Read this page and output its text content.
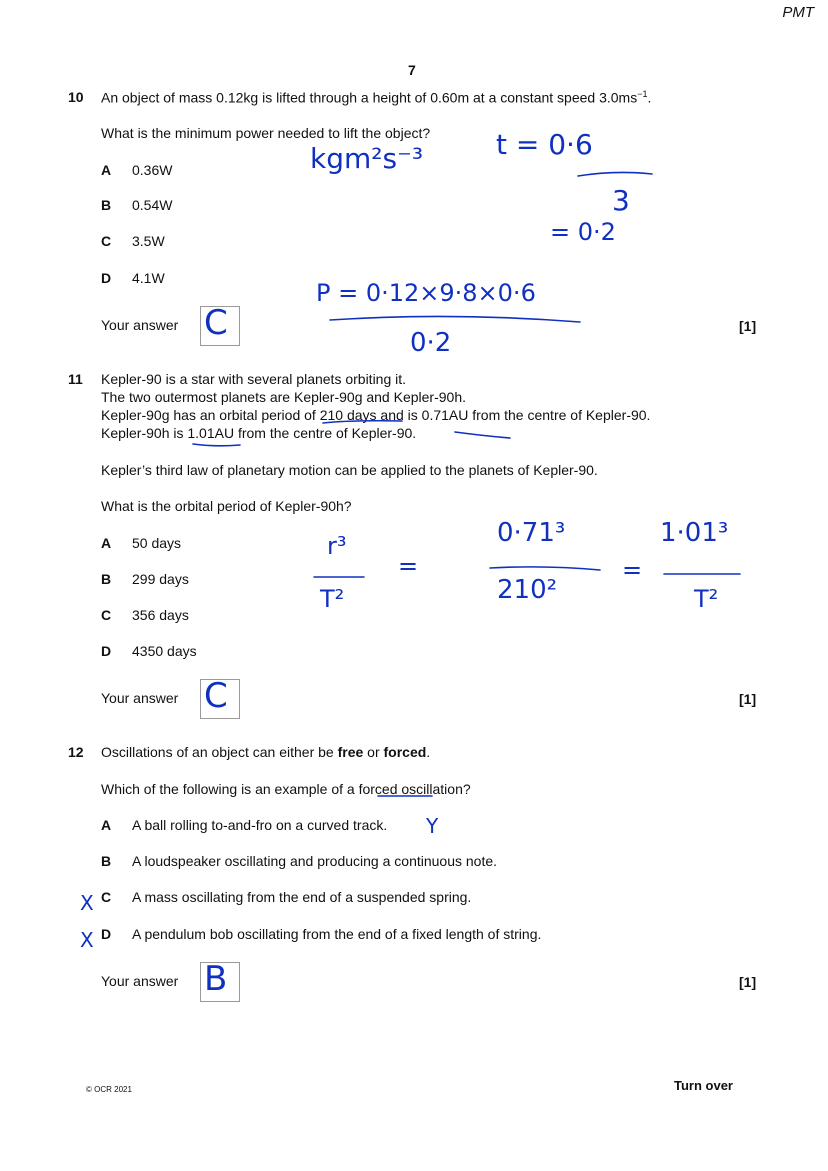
PMT
7
10 An object of mass 0.12kg is lifted through a height of 0.60m at a constant speed $3.0ms^{-1}$.
What is the minimum power needed to lift the object?
A 0.36W
B 0.54W
C 3.5W
D 4.1W
Your answer C	[1]
11 Kepler-90 is a star with several planets orbiting it.
The two outermost planets are Kepler-90g and Kepler-90h.
Kepler-90g has an orbital period of 210 days and is 0.71AU from the centre of Kepler-90.
Kepler-90h is 1.01AU from the centre of Kepler-90.
Kepler’s third law of planetary motion can be applied to the planets of Kepler-90.
What is the orbital period of Kepler-90h?
A 50 days
B 299 days
C 356 days
D 4350 days
Your answer C	[1]
12 Oscillations of an object can either be free or forced.
Which of the following is an example of a forced oscillation?
A A ball rolling to-and-fro on a curved track.
B A loudspeaker oscillating and producing a continuous note.
C A mass oscillating from the end of a suspended spring.
D A pendulum bob oscillating from the end of a fixed length of string.
Your answer B	[1]
kgm²s⁻³	t = 0·6
3
= 0·2
P = 0·12×9·8×0·6
0·2
r³
T²
=
0·71³
210²
=
1·01³
T²
Y
X
X
© OCR 2021	Turn over
